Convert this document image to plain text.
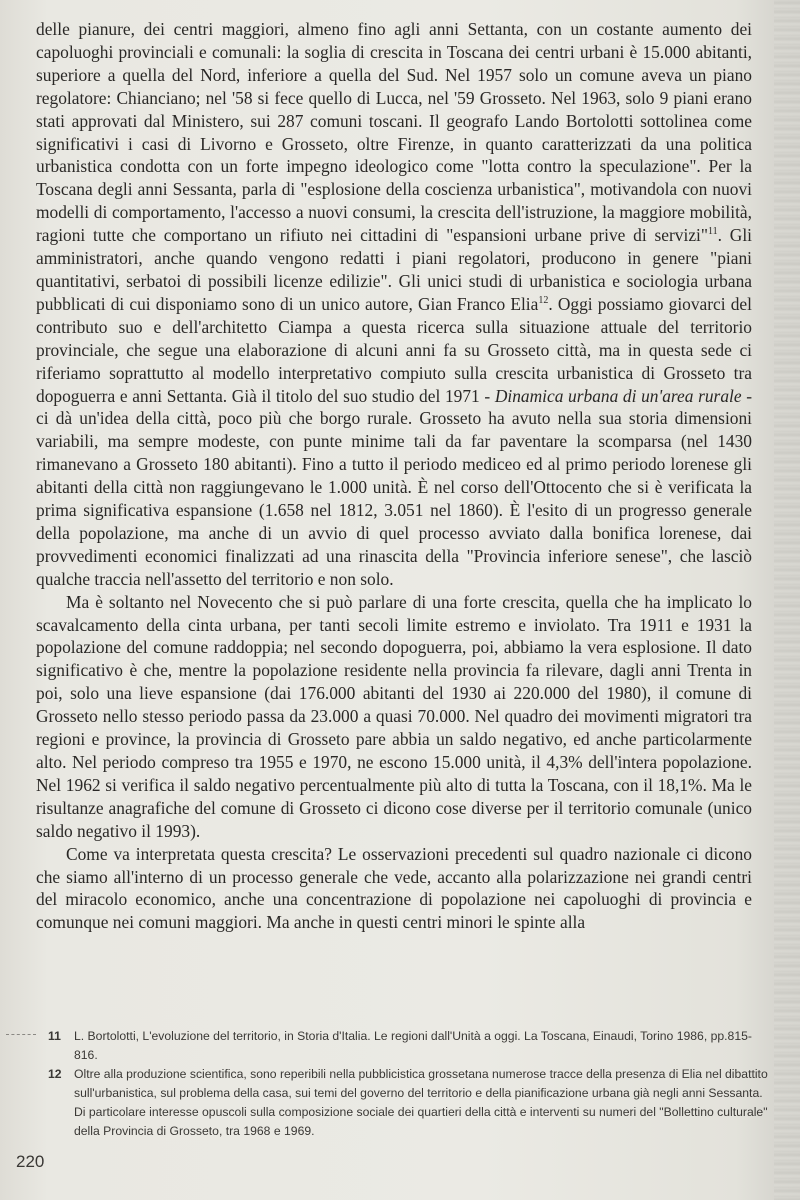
delle pianure, dei centri maggiori, almeno fino agli anni Settanta, con un costante aumento dei capoluoghi provinciali e comunali: la soglia di crescita in Toscana dei centri urbani è 15.000 abitanti, superiore a quella del Nord, inferiore a quella del Sud. Nel 1957 solo un comune aveva un piano regolatore: Chianciano; nel '58 si fece quello di Lucca, nel '59 Grosseto. Nel 1963, solo 9 piani erano stati approvati dal Ministero, sui 287 comuni toscani. Il geografo Lando Bortolotti sottolinea come significativi i casi di Livorno e Grosseto, oltre Firenze, in quanto caratterizzati da una politica urbanistica condotta con un forte impegno ideologico come "lotta contro la speculazione". Per la Toscana degli anni Sessanta, parla di "esplosione della coscienza urbanistica", motivandola con nuovi modelli di comportamento, l'accesso a nuovi consumi, la crescita dell'istruzione, la maggiore mobilità, ragioni tutte che comportano un rifiuto nei cittadini di "espansioni urbane prive di servizi"$^{11}$. Gli amministratori, anche quando vengono redatti i piani regolatori, producono in genere "piani quantitativi, serbatoi di possibili licenze edilizie". Gli unici studi di urbanistica e sociologia urbana pubblicati di cui disponiamo sono di un unico autore, Gian Franco Elia$^{12}$. Oggi possiamo giovarci del contributo suo e dell'architetto Ciampa a questa ricerca sulla situazione attuale del territorio provinciale, che segue una elaborazione di alcuni anni fa su Grosseto città, ma in questa sede ci riferiamo soprattutto al modello interpretativo compiuto sulla crescita urbanistica di Grosseto tra dopoguerra e anni Settanta. Già il titolo del suo studio del 1971 - Dinamica urbana di un'area rurale - ci dà un'idea della città, poco più che borgo rurale. Grosseto ha avuto nella sua storia dimensioni variabili, ma sempre modeste, con punte minime tali da far paventare la scomparsa (nel 1430 rimanevano a Grosseto 180 abitanti). Fino a tutto il periodo mediceo ed al primo periodo lorenese gli abitanti della città non raggiungevano le 1.000 unità. È nel corso dell'Ottocento che si è verificata la prima significativa espansione (1.658 nel 1812, 3.051 nel 1860). È l'esito di un progresso generale della popolazione, ma anche di un avvio di quel processo avviato dalla bonifica lorenese, dai provvedimenti economici finalizzati ad una rinascita della "Provincia inferiore senese", che lasciò qualche traccia nell'assetto del territorio e non solo.

Ma è soltanto nel Novecento che si può parlare di una forte crescita, quella che ha implicato lo scavalcamento della cinta urbana, per tanti secoli limite estremo e inviolato. Tra 1911 e 1931 la popolazione del comune raddoppia; nel secondo dopoguerra, poi, abbiamo la vera esplosione. Il dato significativo è che, mentre la popolazione residente nella provincia fa rilevare, dagli anni Trenta in poi, solo una lieve espansione (dai 176.000 abitanti del 1930 ai 220.000 del 1980), il comune di Grosseto nello stesso periodo passa da 23.000 a quasi 70.000. Nel quadro dei movimenti migratori tra regioni e province, la provincia di Grosseto pare abbia un saldo negativo, ed anche particolarmente alto. Nel periodo compreso tra 1955 e 1970, ne escono 15.000 unità, il 4,3% dell'intera popolazione. Nel 1962 si verifica il saldo negativo percentualmente più alto di tutta la Toscana, con il 18,1%. Ma le risultanze anagrafiche del comune di Grosseto ci dicono cose diverse per il territorio comunale (unico saldo negativo il 1993).

Come va interpretata questa crescita? Le osservazioni precedenti sul quadro nazionale ci dicono che siamo all'interno di un processo generale che vede, accanto alla polarizzazione nei grandi centri del miracolo economico, anche una concentrazione di popolazione nei capoluoghi di provincia e comunque nei comuni maggiori. Ma anche in questi centri minori le spinte alla

11	L. Bortolotti, L'evoluzione del territorio, in Storia d'Italia. Le regioni dall'Unità a oggi. La Toscana, Einaudi, Torino 1986, pp.815-816.
12	Oltre alla produzione scientifica, sono reperibili nella pubblicistica grossetana numerose tracce della presenza di Elia nel dibattito sull'urbanistica, sul problema della casa, sui temi del governo del territorio e della pianificazione urbana già negli anni Sessanta. Di particolare interesse opuscoli sulla composizione sociale dei quartieri della città e interventi su numeri del "Bollettino culturale" della Provincia di Grosseto, tra 1968 e 1969.
220
